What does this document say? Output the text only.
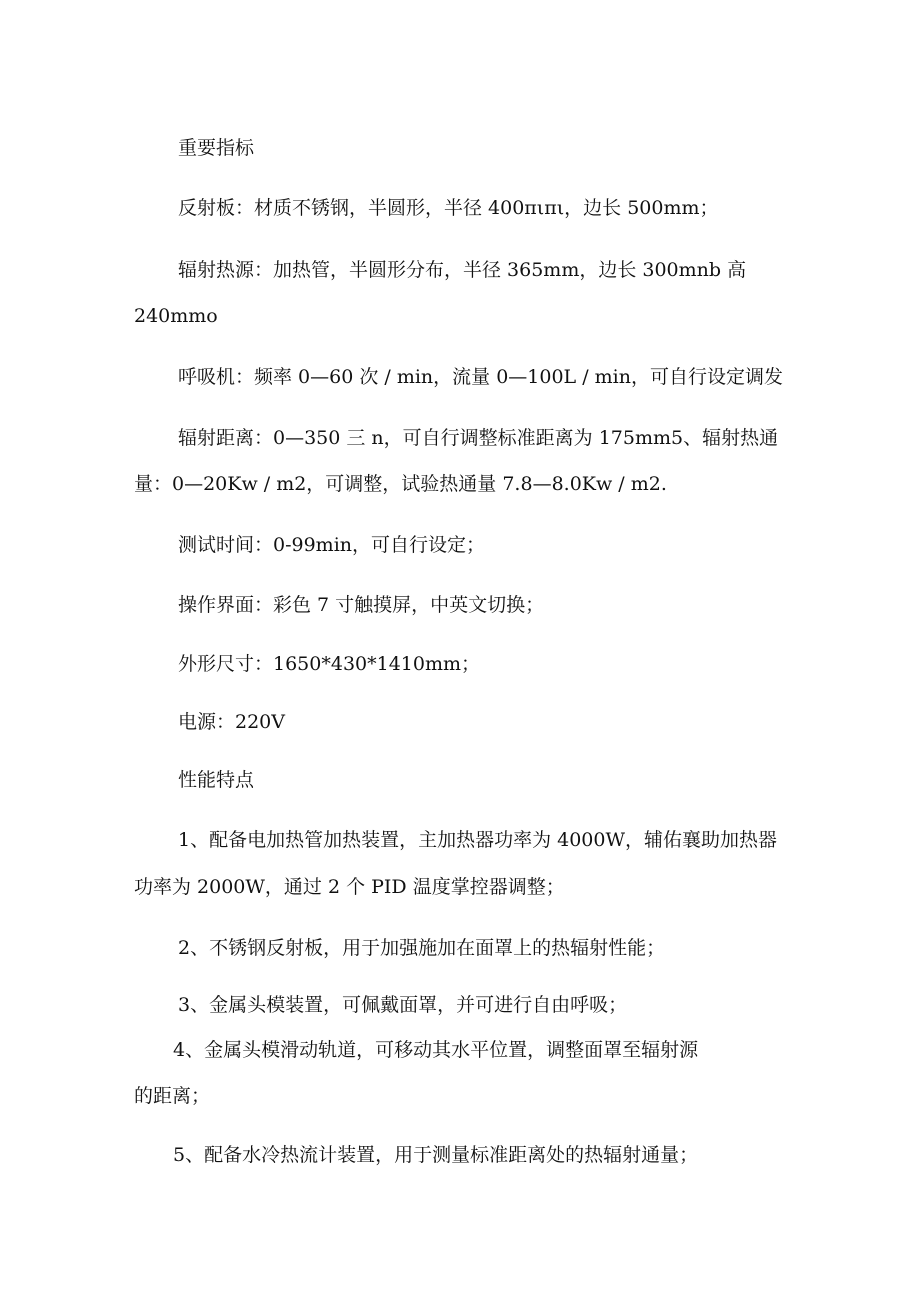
重要指标

反射板：材质不锈钢，半圆形，半径 400πιπι，边长 500mm；

辐射热源：加热管，半圆形分布，半径 365mm，边长 300mnb 高

240mmo

呼吸机：频率 0—60 次 / min，流量 0—100L / min，可自行设定调发

辐射距离：0—350 三 n，可自行调整标准距离为 175mm5、辐射热通

量：0—20Kw / m2，可调整，试验热通量 7.8—8.0Kw / m2.

测试时间：0-99min，可自行设定；

操作界面：彩色 7 寸触摸屏，中英文切换；

外形尺寸：1650*430*1410mm；

电源：220V

性能特点

1、配备电加热管加热装置，主加热器功率为 4000W，辅佑襄助加热器

功率为 2000W，通过 2 个 PID 温度掌控器调整；

2、不锈钢反射板，用于加强施加在面罩上的热辐射性能；

3、金属头模装置，可佩戴面罩，并可进行自由呼吸；

4、金属头模滑动轨道，可移动其水平位置，调整面罩至辐射源

的距离；

5、配备水冷热流计装置，用于测量标准距离处的热辐射通量；
